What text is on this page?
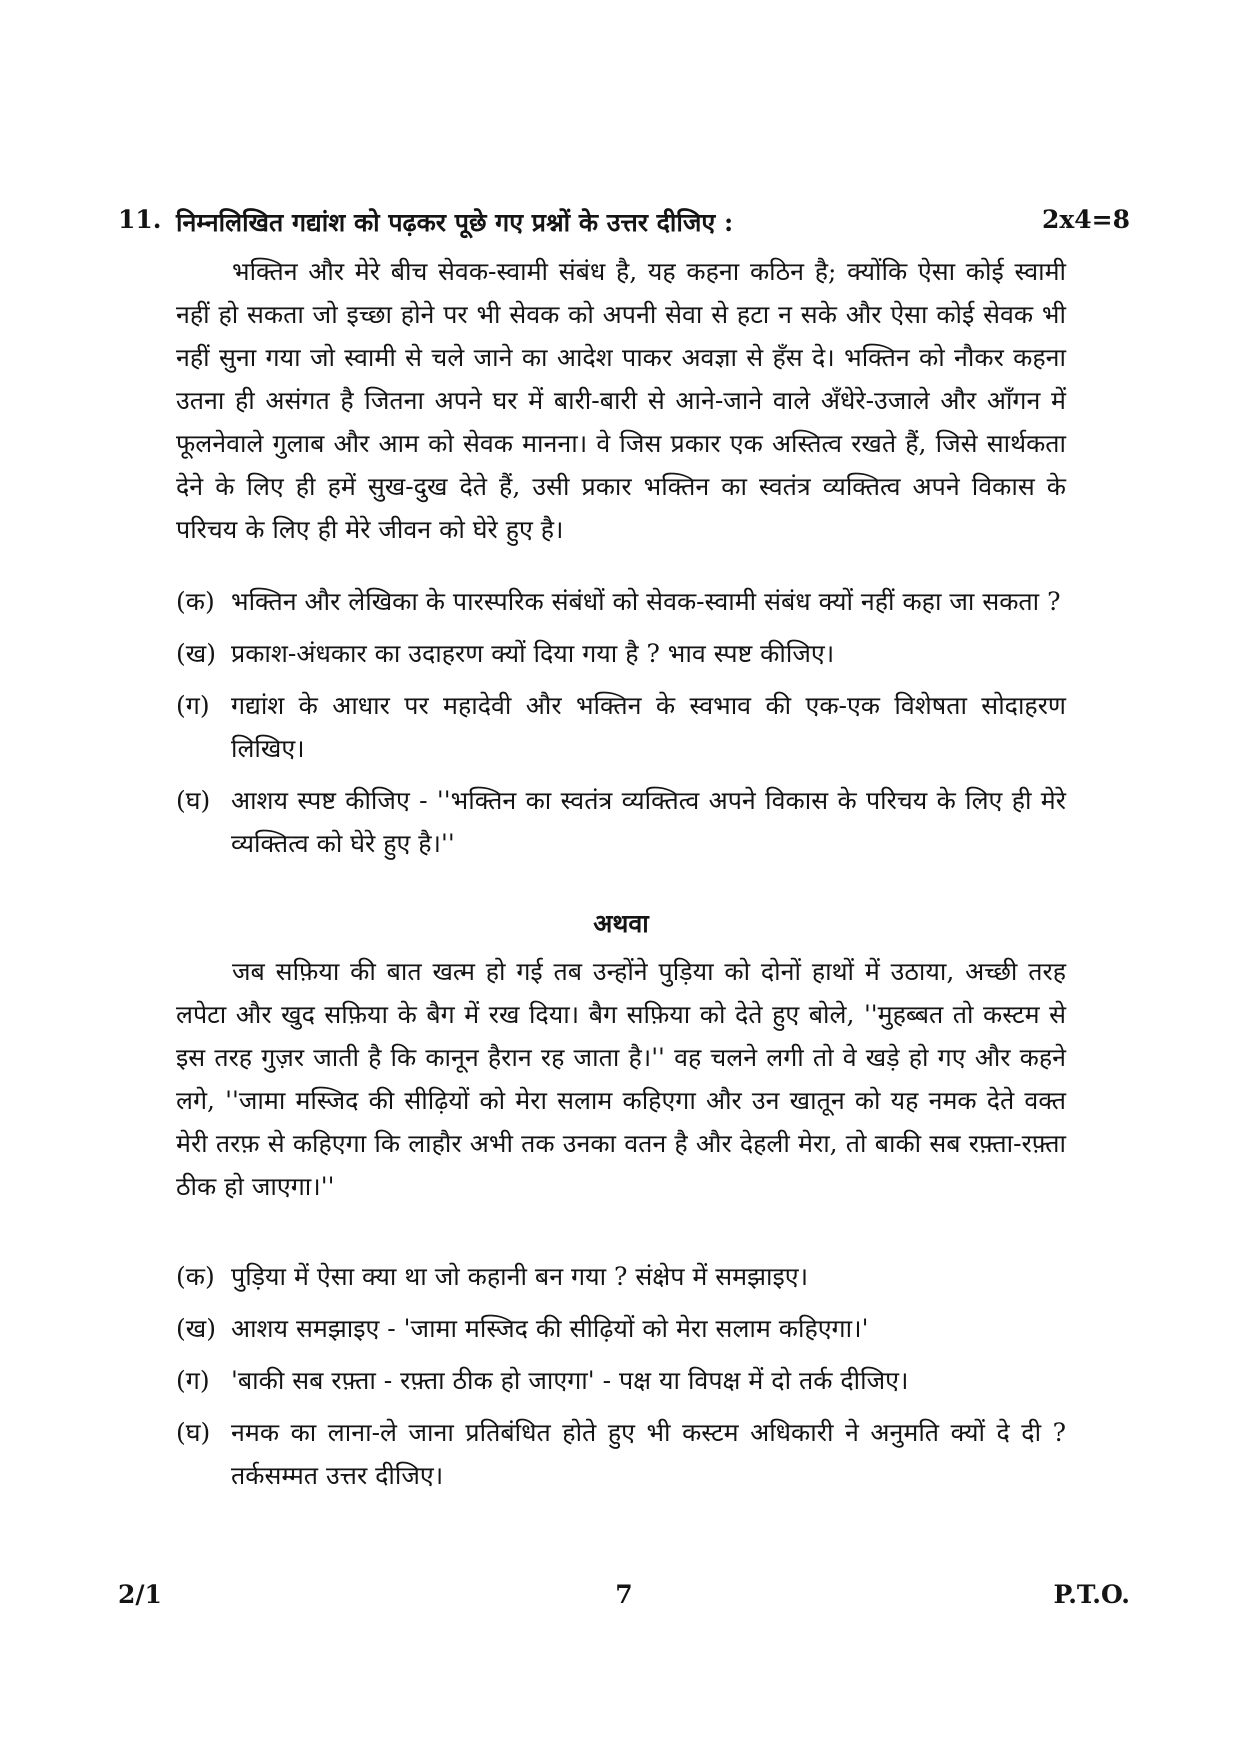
11. निम्नलिखित गद्यांश को पढ़कर पूछे गए प्रश्नों के उत्तर दीजिए :	2x4=8

भक्तिन और मेरे बीच सेवक-स्वामी संबंध है, यह कहना कठिन है; क्योंकि ऐसा कोई स्वामी नहीं हो सकता जो इच्छा होने पर भी सेवक को अपनी सेवा से हटा न सके और ऐसा कोई सेवक भी नहीं सुना गया जो स्वामी से चले जाने का आदेश पाकर अवज्ञा से हँस दे। भक्तिन को नौकर कहना उतना ही असंगत है जितना अपने घर में बारी-बारी से आने-जाने वाले अँधेरे-उजाले और आँगन में फूलनेवाले गुलाब और आम को सेवक मानना। वे जिस प्रकार एक अस्तित्व रखते हैं, जिसे सार्थकता देने के लिए ही हमें सुख-दुख देते हैं, उसी प्रकार भक्तिन का स्वतंत्र व्यक्तित्व अपने विकास के परिचय के लिए ही मेरे जीवन को घेरे हुए है।

(क) भक्तिन और लेखिका के पारस्परिक संबंधों को सेवक-स्वामी संबंध क्यों नहीं कहा जा सकता ?
(ख) प्रकाश-अंधकार का उदाहरण क्यों दिया गया है ? भाव स्पष्ट कीजिए।
(ग) गद्यांश के आधार पर महादेवी और भक्तिन के स्वभाव की एक-एक विशेषता सोदाहरण लिखिए।
(घ) आशय स्पष्ट कीजिए - ''भक्तिन का स्वतंत्र व्यक्तित्व अपने विकास के परिचय के लिए ही मेरे व्यक्तित्व को घेरे हुए है।''
अथवा

जब सफ़िया की बात खत्म हो गई तब उन्होंने पुड़िया को दोनों हाथों में उठाया, अच्छी तरह लपेटा और खुद सफ़िया के बैग में रख दिया। बैग सफ़िया को देते हुए बोले, ''मुहब्बत तो कस्टम से इस तरह गुज़र जाती है कि कानून हैरान रह जाता है।'' वह चलने लगी तो वे खड़े हो गए और कहने लगे, ''जामा मस्जिद की सीढ़ियों को मेरा सलाम कहिएगा और उन खातून को यह नमक देते वक्त मेरी तरफ़ से कहिएगा कि लाहौर अभी तक उनका वतन है और देहली मेरा, तो बाकी सब रफ़्ता-रफ़्ता ठीक हो जाएगा।''

(क) पुड़िया में ऐसा क्या था जो कहानी बन गया ? संक्षेप में समझाइए।
(ख) आशय समझाइए - 'जामा मस्जिद की सीढ़ियों को मेरा सलाम कहिएगा।'
(ग) 'बाकी सब रफ़्ता - रफ़्ता ठीक हो जाएगा' - पक्ष या विपक्ष में दो तर्क दीजिए।
(घ) नमक का लाना-ले जाना प्रतिबंधित होते हुए भी कस्टम अधिकारी ने अनुमति क्यों दे दी ? तर्कसम्मत उत्तर दीजिए।
2/1	7	P.T.O.
